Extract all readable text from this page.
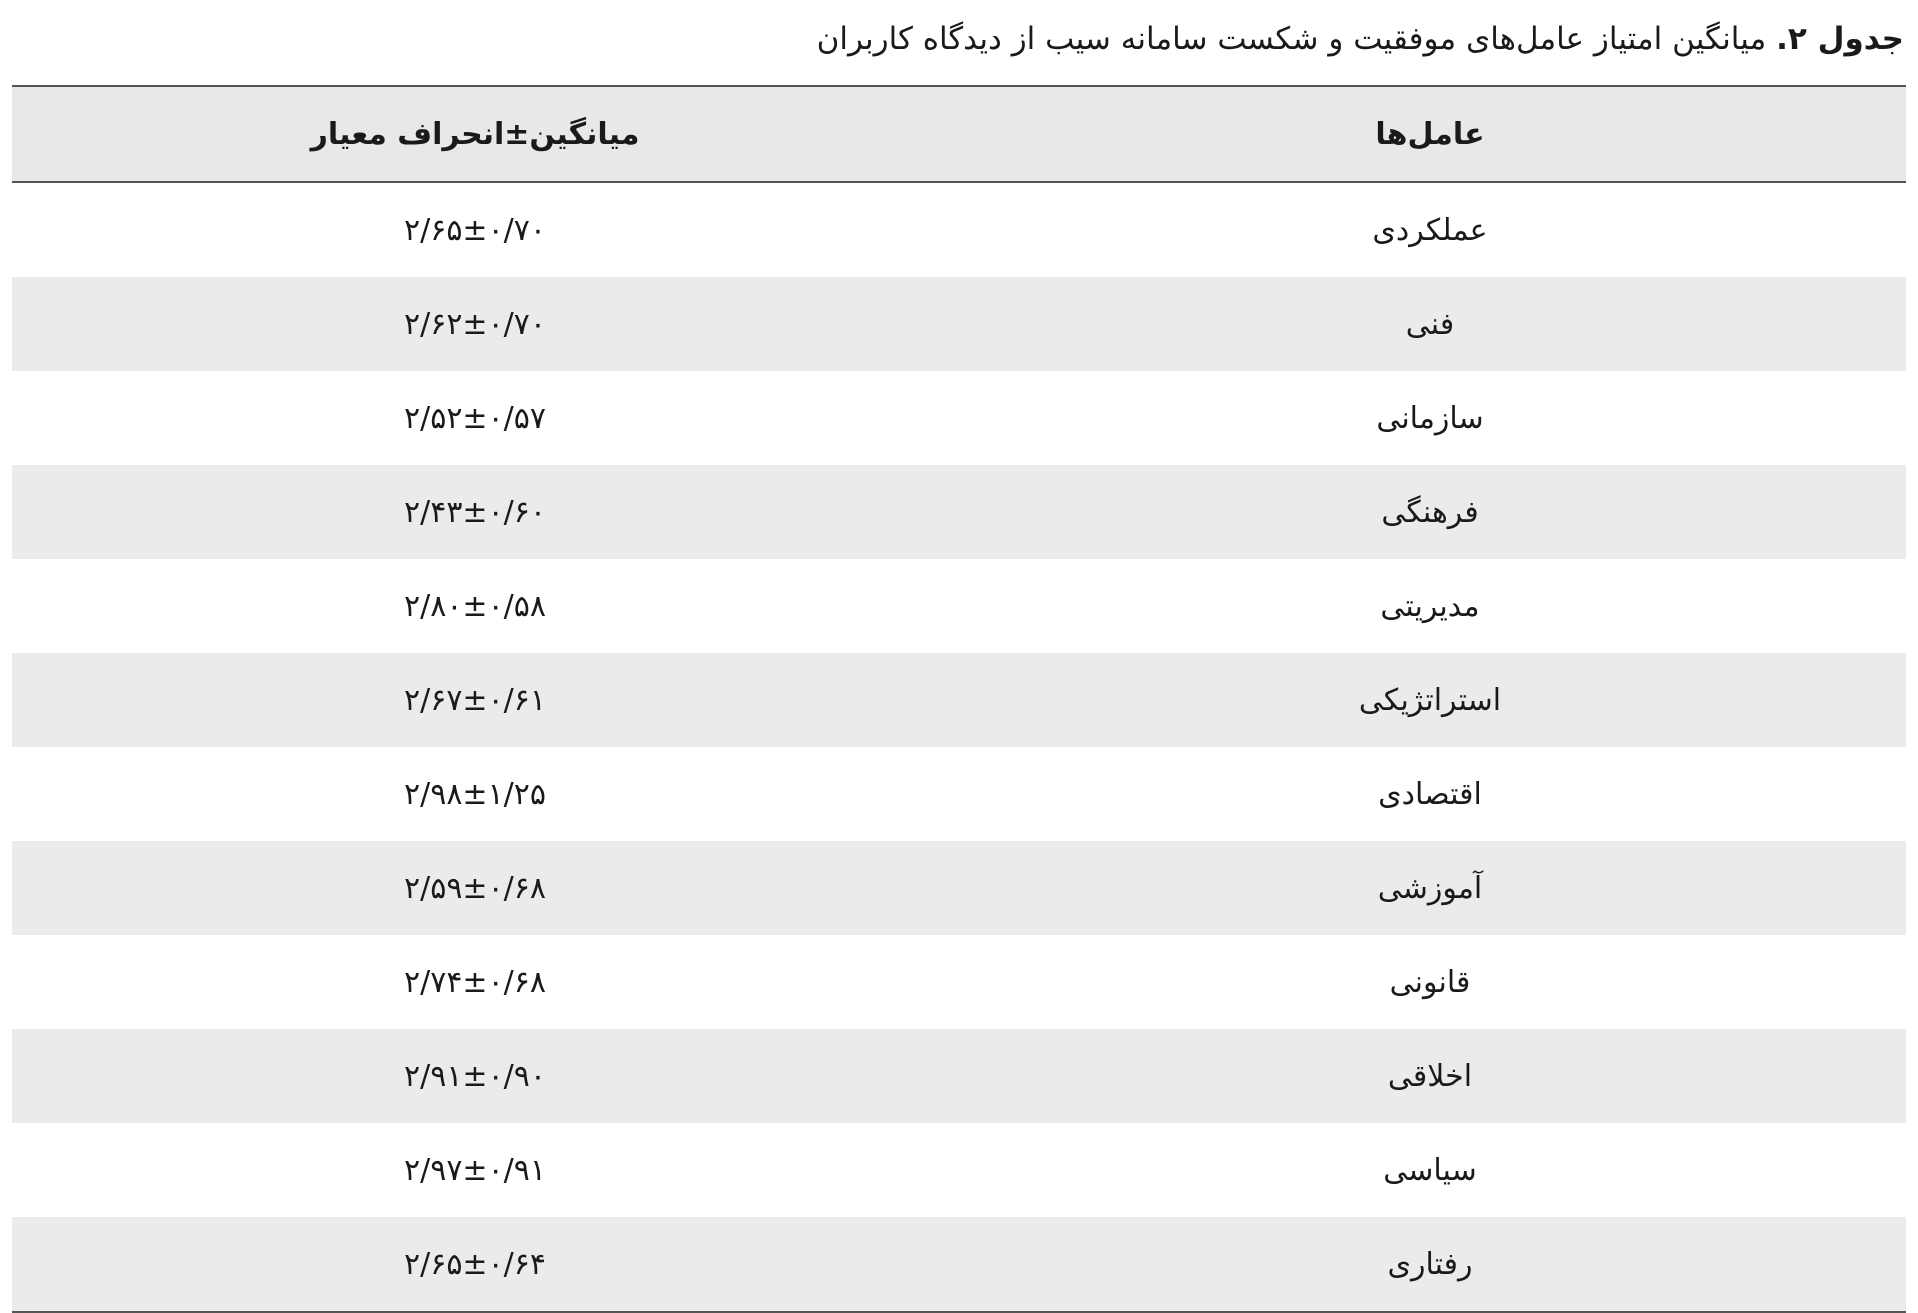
جدول ۲. میانگین امتیاز عامل‌های موفقیت و شکست سامانه سیب از دیدگاه کاربران
عامل‌ها	میانگین±انحراف معیار
عملکردی	۲/۶۵±۰/۷۰
فنی	۲/۶۲±۰/۷۰
سازمانی	۲/۵۲±۰/۵۷
فرهنگی	۲/۴۳±۰/۶۰
مدیریتی	۲/۸۰±۰/۵۸
استراتژیکی	۲/۶۷±۰/۶۱
اقتصادی	۲/۹۸±۱/۲۵
آموزشی	۲/۵۹±۰/۶۸
قانونی	۲/۷۴±۰/۶۸
اخلاقی	۲/۹۱±۰/۹۰
سیاسی	۲/۹۷±۰/۹۱
رفتاری	۲/۶۵±۰/۶۴
